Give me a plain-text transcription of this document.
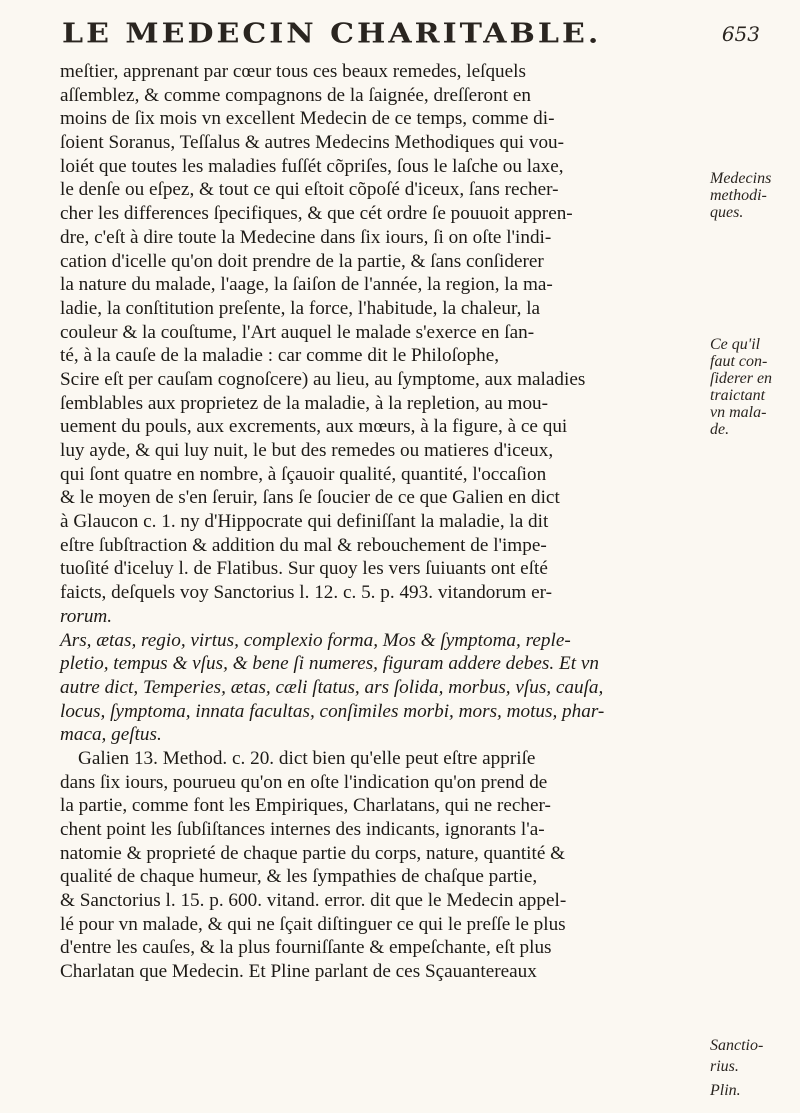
LE MEDECIN CHARITABLE.	653
meſtier, apprenant par cœur tous ces beaux remedes, leſquels
aſſemblez, & comme compagnons de la ſaignée, dreſſeront en
moins de ſix mois vn excellent Medecin de ce temps, comme di-
ſoient Soranus, Teſſalus & autres Medecins Methodiques qui vou-
loiét que toutes les maladies fuſſét cõpriſes, ſous le laſche ou laxe,
le denſe ou eſpez, & tout ce qui eſtoit cõpoſé d'iceux, ſans recher-
cher les differences ſpecifiques, & que cét ordre ſe pouuoit appren-
dre, c'eſt à dire toute la Medecine dans ſix iours, ſi on oſte l'indi-
cation d'icelle qu'on doit prendre de la partie, & ſans conſiderer
la nature du malade, l'aage, la ſaiſon de l'année, la region, la ma-
ladie, la conſtitution preſente, la force, l'habitude, la chaleur, la
couleur & la couſtume, l'Art auquel le malade s'exerce en ſan-
té, à la cauſe de la maladie : car comme dit le Philoſophe,
Scire eſt per cauſam cognoſcere) au lieu, au ſymptome, aux maladies
ſemblables aux proprietez de la maladie, à la repletion, au mou-
uement du pouls, aux excrements, aux mœurs, à la figure, à ce qui
luy ayde, & qui luy nuit, le but des remedes ou matieres d'iceux,
qui ſont quatre en nombre, à ſçauoir qualité, quantité, l'occaſion
& le moyen de s'en ſeruir, ſans ſe ſoucier de ce que Galien en dict
à Glaucon c. 1. ny d'Hippocrate qui definiſſant la maladie, la dit
eſtre ſubſtraction & addition du mal & rebouchement de l'impe-
tuoſité d'iceluy l. de Flatibus. Sur quoy les vers ſuiuants ont eſté
faicts, deſquels voy Sanctorius l. 12. c. 5. p. 493. vitandorum er-
rorum.
Ars, ætas, regio, virtus, complexio forma, Mos & ſymptoma, reple-
pletio, tempus & vſus, & bene ſi numeres, figuram addere debes. Et vn
autre dict, Temperies, ætas, cæli ſtatus, ars ſolida, morbus, vſus, cauſa,
locus, ſymptoma, innata facultas, conſimiles morbi, mors, motus, phar-
maca, geſtus.
Galien 13. Method. c. 20. dict bien qu'elle peut eſtre appriſe
dans ſix iours, pourueu qu'on en oſte l'indication qu'on prend de
la partie, comme font les Empiriques, Charlatans, qui ne recher-
chent point les ſubſiſtances internes des indicants, ignorants l'a-
natomie & proprieté de chaque partie du corps, nature, quantité &
qualité de chaque humeur, & les ſympathies de chaſque partie,
& Sanctorius l. 15. p. 600. vitand. error. dit que le Medecin appel-
lé pour vn malade, & qui ne ſçait diſtinguer ce qui le preſſe le plus
d'entre les cauſes, & la plus fourniſſante & empeſchante, eſt plus
Charlatan que Medecin. Et Pline parlant de ces Sçauantereaux
Medecins
methodi-
ques.
Ce qu'il
faut con-
ſiderer en
traictant
vn mala-
de.
Sanctio-
rius.
Plin.
